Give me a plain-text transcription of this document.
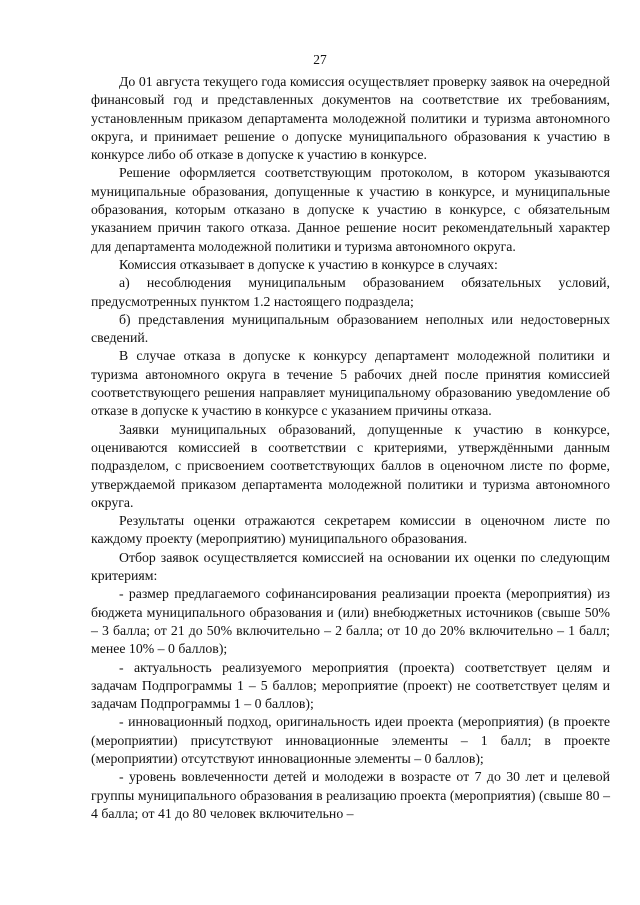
27

До 01 августа текущего года комиссия осуществляет проверку заявок на очередной финансовый год и представленных документов на соответствие их требованиям, установленным приказом департамента молодежной политики и туризма автономного округа, и принимает решение о допуске муниципального образования к участию в конкурсе либо об отказе в допуске к участию в конкурсе.

Решение оформляется соответствующим протоколом, в котором указываются муниципальные образования, допущенные к участию в конкурсе, и муниципальные образования, которым отказано в допуске к участию в конкурсе, с обязательным указанием причин такого отказа. Данное решение носит рекомендательный характер для департамента молодежной политики и туризма автономного округа.

Комиссия отказывает в допуске к участию в конкурсе в случаях:

а) несоблюдения муниципальным образованием обязательных условий, предусмотренных пунктом 1.2 настоящего подраздела;

б) представления муниципальным образованием неполных или недостоверных сведений.

В случае отказа в допуске к конкурсу департамент молодежной политики и туризма автономного округа в течение 5 рабочих дней после принятия комиссией соответствующего решения направляет муниципальному образованию уведомление об отказе в допуске к участию в конкурсе с указанием причины отказа.

Заявки муниципальных образований, допущенные к участию в конкурсе, оцениваются комиссией в соответствии с критериями, утверждёнными данным подразделом, с присвоением соответствующих баллов в оценочном листе по форме, утверждаемой приказом департамента молодежной политики и туризма автономного округа.

Результаты оценки отражаются секретарем комиссии в оценочном листе по каждому проекту (мероприятию) муниципального образования.

Отбор заявок осуществляется комиссией на основании их оценки по следующим критериям:

- размер предлагаемого софинансирования реализации проекта (мероприятия) из бюджета муниципального образования и (или) внебюджетных источников (свыше 50% – 3 балла; от 21 до 50% включительно – 2 балла; от 10 до 20% включительно – 1 балл; менее 10% – 0 баллов);

- актуальность реализуемого мероприятия (проекта) соответствует целям и задачам Подпрограммы 1 – 5 баллов; мероприятие (проект) не соответствует целям и задачам Подпрограммы 1 – 0 баллов);

- инновационный подход, оригинальность идеи проекта (мероприятия) (в проекте (мероприятии) присутствуют инновационные элементы – 1 балл; в проекте (мероприятии) отсутствуют инновационные элементы – 0 баллов);

- уровень вовлеченности детей и молодежи в возрасте от 7 до 30 лет и целевой группы муниципального образования в реализацию проекта (мероприятия) (свыше 80 – 4 балла; от 41 до 80 человек включительно –
